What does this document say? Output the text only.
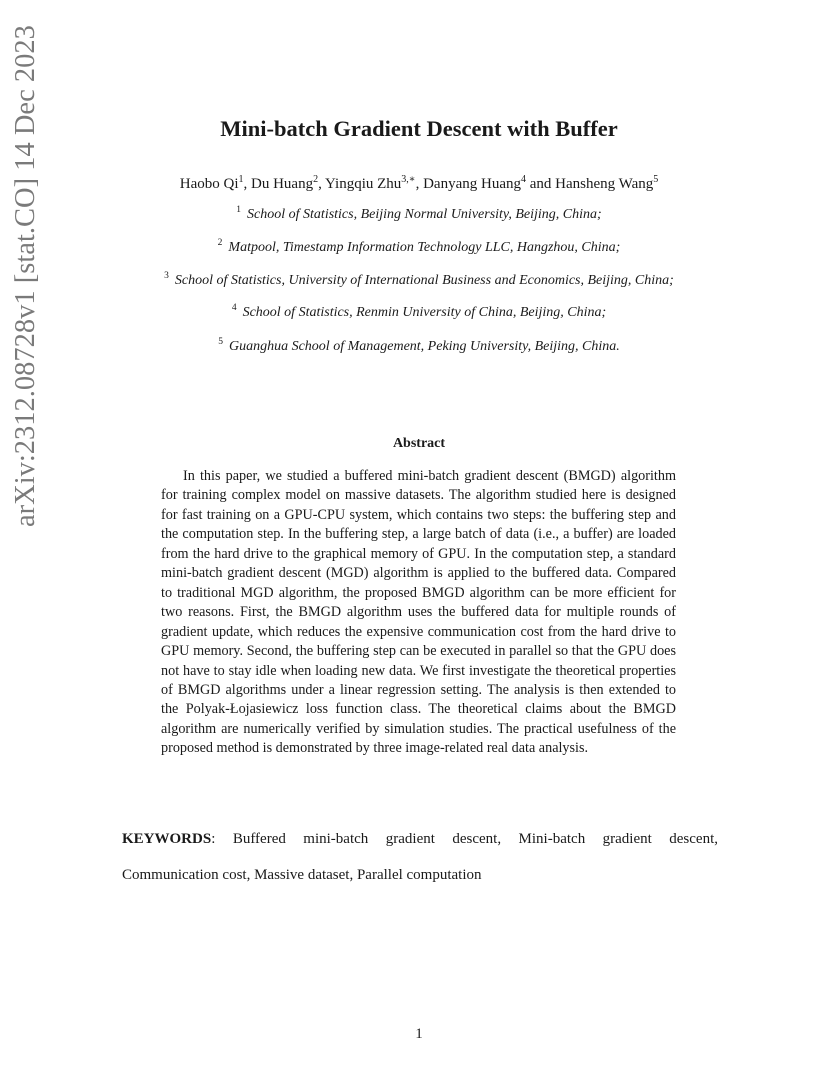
arXiv:2312.08728v1 [stat.CO] 14 Dec 2023	Mini-batch Gradient Descent with Buffer
Haobo Qi$^1$, Du Huang$^2$, Yingqiu Zhu$^{3,∗}$, Danyang Huang$^4$ and Hansheng Wang$^5$
$^1$ School of Statistics, Beijing Normal University, Beijing, China;
$^2$ Matpool, Timestamp Information Technology LLC, Hangzhou, China;
$^3$ School of Statistics, University of International Business and Economics, Beijing, China;
$^4$ School of Statistics, Renmin University of China, Beijing, China;
$^5$ Guanghua School of Management, Peking University, Beijing, China.
Abstract
In this paper, we studied a buffered mini-batch gradient descent (BMGD) algorithm for training complex model on massive datasets. The algorithm studied here is designed for fast training on a GPU-CPU system, which contains two steps: the buffering step and the computation step. In the buffering step, a large batch of data (i.e., a buffer) are loaded from the hard drive to the graphical memory of GPU. In the computation step, a standard mini-batch gradient descent (MGD) algorithm is applied to the buffered data. Compared to traditional MGD algorithm, the proposed BMGD algorithm can be more efficient for two reasons. First, the BMGD algorithm uses the buffered data for multiple rounds of gradient update, which reduces the expensive communication cost from the hard drive to GPU memory. Second, the buffering step can be executed in parallel so that the GPU does not have to stay idle when loading new data. We first investigate the theoretical properties of BMGD algorithms under a linear regression setting. The analysis is then extended to the Polyak-Łojasiewicz loss function class. The theoretical claims about the BMGD algorithm are numerically verified by simulation studies. The practical usefulness of the proposed method is demonstrated by three image-related real data analysis.
KEYWORDS: Buffered mini-batch gradient descent, Mini-batch gradient descent, Communication cost, Massive dataset, Parallel computation
1
